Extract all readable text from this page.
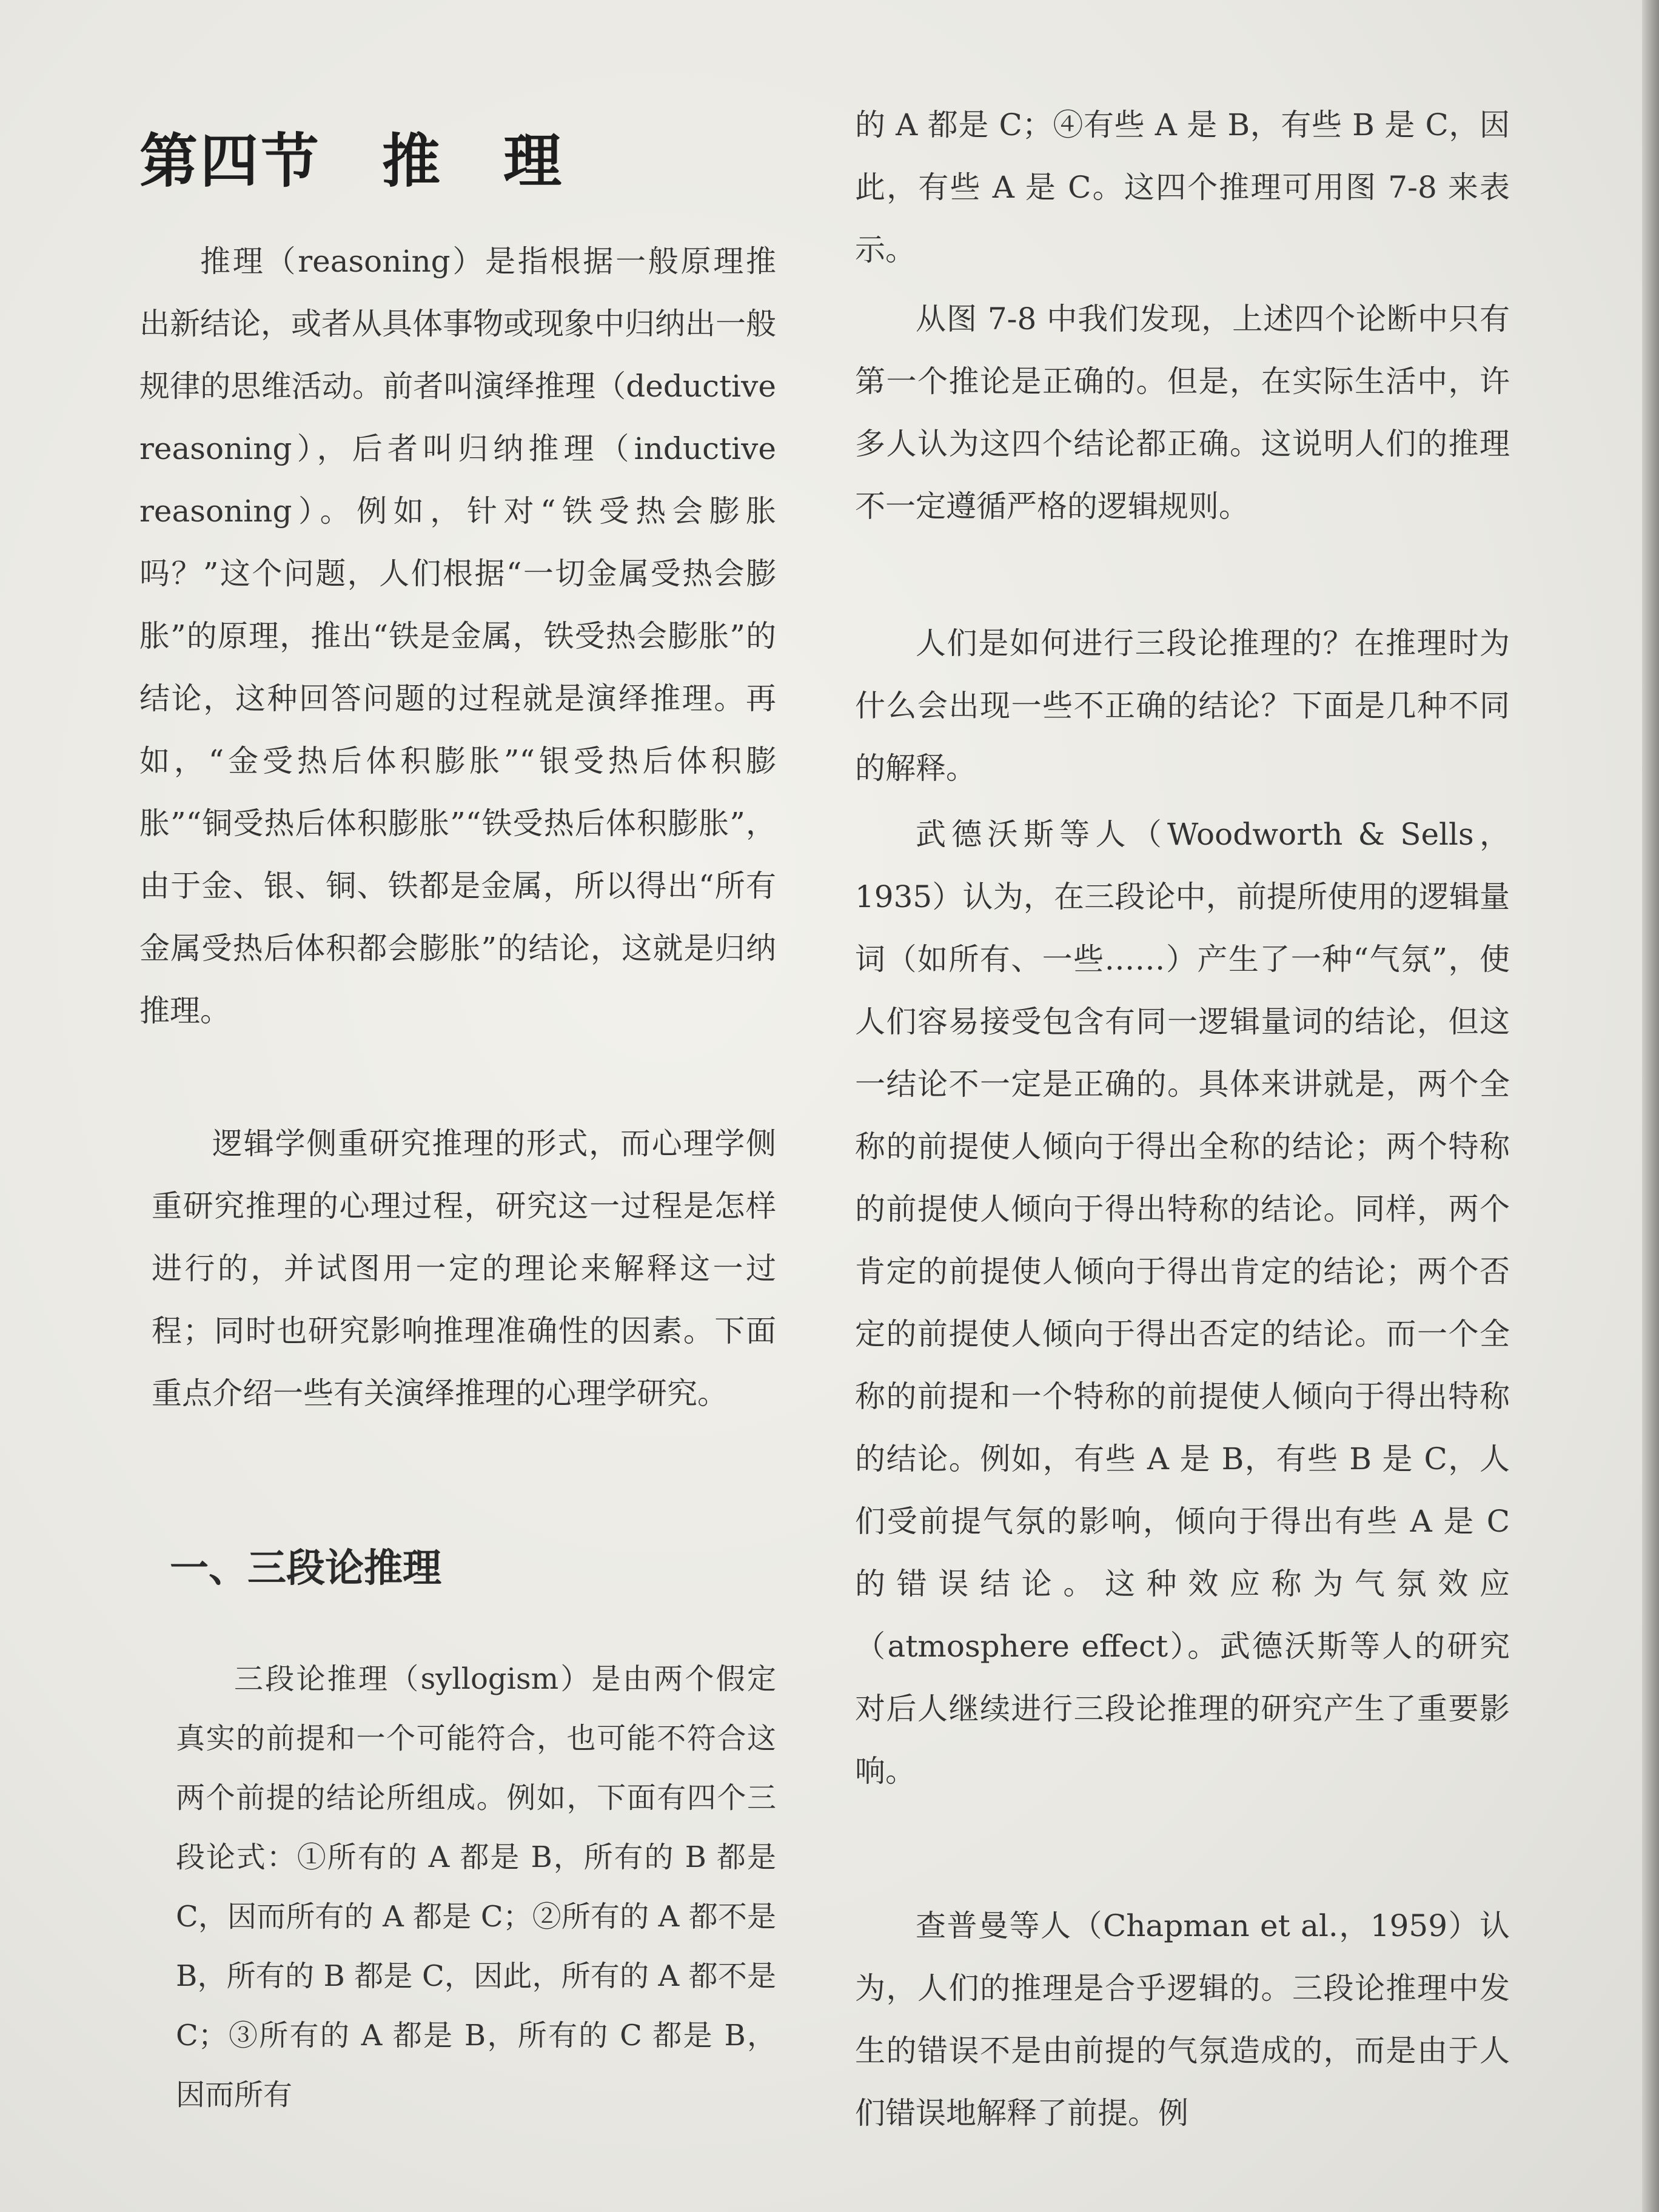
第四节　推　理

推理（reasoning）是指根据一般原理推出新结论，或者从具体事物或现象中归纳出一般规律的思维活动。前者叫演绎推理（deductive reasoning），后者叫归纳推理（inductive reasoning）。例如，针对“铁受热会膨胀吗？”这个问题，人们根据“一切金属受热会膨胀”的原理，推出“铁是金属，铁受热会膨胀”的结论，这种回答问题的过程就是演绎推理。再如，“金受热后体积膨胀”“银受热后体积膨胀”“铜受热后体积膨胀”“铁受热后体积膨胀”，由于金、银、铜、铁都是金属，所以得出“所有金属受热后体积都会膨胀”的结论，这就是归纳推理。

逻辑学侧重研究推理的形式，而心理学侧重研究推理的心理过程，研究这一过程是怎样进行的，并试图用一定的理论来解释这一过程；同时也研究影响推理准确性的因素。下面重点介绍一些有关演绎推理的心理学研究。

一、三段论推理

三段论推理（syllogism）是由两个假定真实的前提和一个可能符合，也可能不符合这两个前提的结论所组成。例如，下面有四个三段论式：①所有的 A 都是 B，所有的 B 都是 C，因而所有的 A 都是 C；②所有的 A 都不是 B，所有的 B 都是 C，因此，所有的 A 都不是 C；③所有的 A 都是 B，所有的 C 都是 B，因而所有

的 A 都是 C；④有些 A 是 B，有些 B 是 C，因此，有些 A 是 C。这四个推理可用图 7-8 来表示。

从图 7-8 中我们发现，上述四个论断中只有第一个推论是正确的。但是，在实际生活中，许多人认为这四个结论都正确。这说明人们的推理不一定遵循严格的逻辑规则。

人们是如何进行三段论推理的？在推理时为什么会出现一些不正确的结论？下面是几种不同的解释。

武德沃斯等人（Woodworth & Sells，1935）认为，在三段论中，前提所使用的逻辑量词（如所有、一些……）产生了一种“气氛”，使人们容易接受包含有同一逻辑量词的结论，但这一结论不一定是正确的。具体来讲就是，两个全称的前提使人倾向于得出全称的结论；两个特称的前提使人倾向于得出特称的结论。同样，两个肯定的前提使人倾向于得出肯定的结论；两个否定的前提使人倾向于得出否定的结论。而一个全称的前提和一个特称的前提使人倾向于得出特称的结论。例如，有些 A 是 B，有些 B 是 C，人们受前提气氛的影响，倾向于得出有些 A 是 C 的错误结论。这种效应称为气氛效应（atmosphere effect）。武德沃斯等人的研究对后人继续进行三段论推理的研究产生了重要影响。

查普曼等人（Chapman et al.，1959）认为，人们的推理是合乎逻辑的。三段论推理中发生的错误不是由前提的气氛造成的，而是由于人们错误地解释了前提。例
